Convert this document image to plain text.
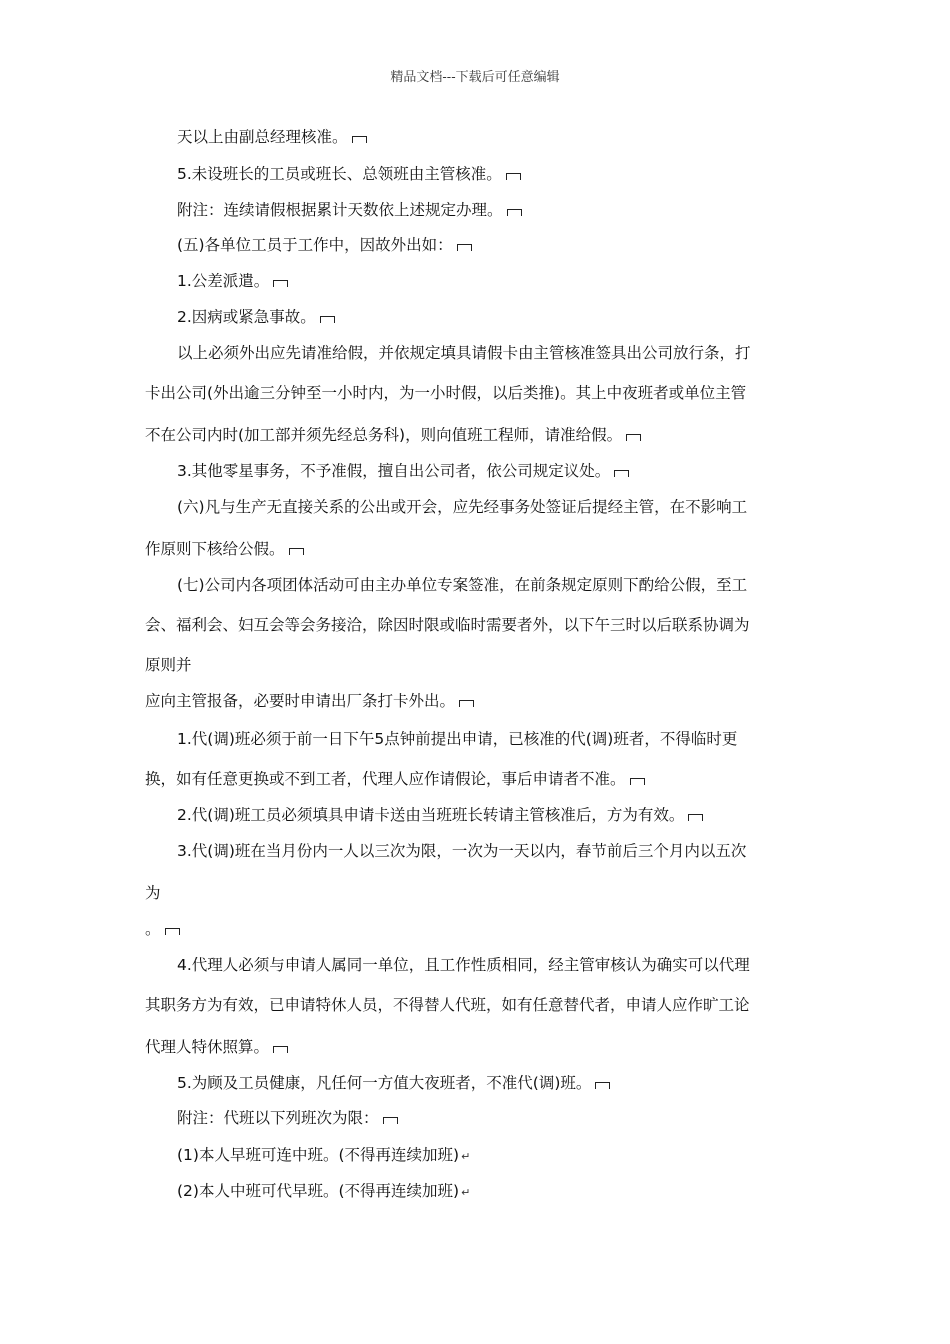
精品文档---下载后可任意编辑
天以上由副总经理核准。
5.未设班长的工员或班长、总领班由主管核准。
附注：连续请假根据累计天数依上述规定办理。
(五)各单位工员于工作中，因故外出如：
1.公差派遣。
2.因病或紧急事故。
以上必须外出应先请准给假，并依规定填具请假卡由主管核准签具出公司放行条，打
卡出公司(外出逾三分钟至一小时内，为一小时假，以后类推)。其上中夜班者或单位主管
不在公司内时(加工部并须先经总务科)，则向值班工程师，请准给假。
3.其他零星事务，不予准假，擅自出公司者，依公司规定议处。
(六)凡与生产无直接关系的公出或开会，应先经事务处签证后提经主管，在不影响工
作原则下核给公假。
(七)公司内各项团体活动可由主办单位专案签准，在前条规定原则下酌给公假，至工
会、福利会、妇互会等会务接洽，除因时限或临时需要者外，以下午三时以后联系协调为
原则并
应向主管报备，必要时申请出厂条打卡外出。
1.代(调)班必须于前一日下午5点钟前提出申请，已核准的代(调)班者，不得临时更
换，如有任意更换或不到工者，代理人应作请假论，事后申请者不准。
2.代(调)班工员必须填具申请卡送由当班班长转请主管核准后，方为有效。
3.代(调)班在当月份内一人以三次为限，一次为一天以内，春节前后三个月内以五次
为
。
4.代理人必须与申请人属同一单位，且工作性质相同，经主管审核认为确实可以代理
其职务方为有效，已申请特休人员，不得替人代班，如有任意替代者，申请人应作旷工论
代理人特休照算。
5.为顾及工员健康，凡任何一方值大夜班者，不准代(调)班。
附注：代班以下列班次为限：
(1)本人早班可连中班。(不得再连续加班) ↵
(2)本人中班可代早班。(不得再连续加班) ↵
